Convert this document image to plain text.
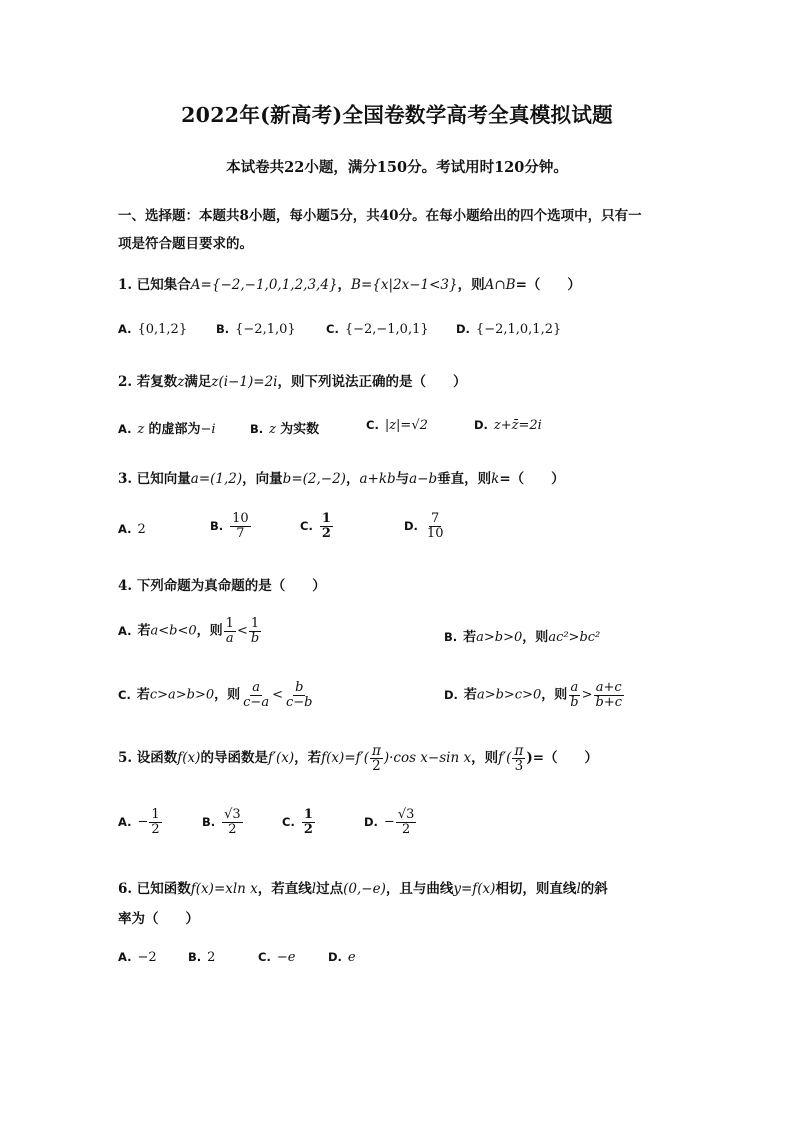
2022年(新高考)全国卷数学高考全真模拟试题
本试卷共22小题，满分150分。考试用时120分钟。
一、选择题：本题共8小题，每小题5分，共40分。在每小题给出的四个选项中，只有一
项是符合题目要求的。
1. 已知集合A={−2,−1,0,1,2,3,4}，B={x|2x−1<3}，则A∩B=（　　）
A. {0,1,2}	B. {−2,1,0}	C. {−2,−1,0,1} D. {−2,1,0,1,2}
2. 若复数z满足z(i−1)=2i，则下列说法正确的是（　　）
A. z 的虚部为−i	B. z 为实数	C. |z|=√2	D. z+z̄=2i
3. 已知向量a=(1,2)，向量b=(2,−2)，a+kb与a−b垂直，则k=（　　）
A. 2	B. $\frac{10}{7}$	C. $\frac{1}{2}$	D. $\frac{7}{10}$
4. 下列命题为真命题的是（　　）
A. 若a<b<0，则 $\frac{1}{a} < \frac{1}{b}$	B. 若a>b>0，则ac²>bc²
C. 若c>a>b>0，则 $\frac{a}{c-a} < \frac{b}{c-b}$	D. 若a>b>c>0，则 $\frac{a}{b} > \frac{a+c}{b+c}$
5. 设函数f(x)的导函数是f′(x)，若$f(x)=f'( \frac{\pi}{2} )\cdot\cos$ x−sin x，则$f'( \frac{\pi}{3}$ )=（　　）
A. − $\frac{1}{2}$	B. $\frac{√3}{2}$	C. $\frac{1}{2}$	D. − $\frac{√3}{2}$
6. 已知函数f(x)=xln x，若直线l过点(0,−e)，且与曲线y=f(x)相切，则直线l的斜
率为（　　）
A. −2	B. 2	C. −e	D. e
